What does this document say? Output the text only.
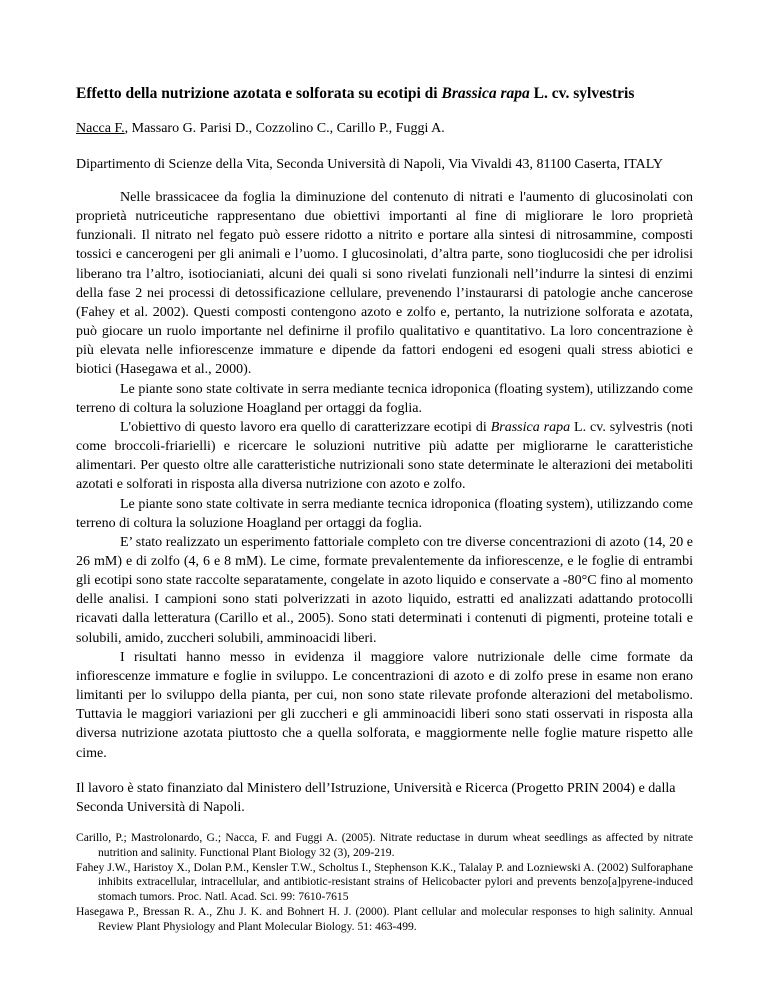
Effetto della nutrizione azotata e solforata su ecotipi di Brassica rapa L. cv. sylvestris
Nacca F., Massaro G. Parisi D., Cozzolino C., Carillo P., Fuggi A.
Dipartimento di Scienze della Vita, Seconda Università di Napoli, Via Vivaldi 43, 81100 Caserta, ITALY

Nelle brassicacee da foglia la diminuzione del contenuto di nitrati e l'aumento di glucosinolati con proprietà nutriceutiche rappresentano due obiettivi importanti al fine di migliorare le loro proprietà funzionali. Il nitrato nel fegato può essere ridotto a nitrito e portare alla sintesi di nitrosammine, composti tossici e cancerogeni per gli animali e l’uomo. I glucosinolati, d’altra parte, sono tioglucosidi che per idrolisi liberano tra l’altro, isotiocianiati, alcuni dei quali si sono rivelati funzionali nell’indurre la sintesi di enzimi della fase 2 nei processi di detossificazione cellulare, prevenendo l’instaurarsi di patologie anche cancerose (Fahey et al. 2002). Questi composti contengono azoto e zolfo e, pertanto, la nutrizione solforata e azotata, può giocare un ruolo importante nel definirne il profilo qualitativo e quantitativo. La loro concentrazione è più elevata nelle infiorescenze immature e dipende da fattori endogeni ed esogeni quali stress abiotici e biotici (Hasegawa et al., 2000).

Le piante sono state coltivate in serra mediante tecnica idroponica (floating system), utilizzando come terreno di coltura la soluzione Hoagland per ortaggi da foglia.

L'obiettivo di questo lavoro era quello di caratterizzare ecotipi di Brassica rapa L. cv. sylvestris (noti come broccoli-friarielli) e ricercare le soluzioni nutritive più adatte per migliorarne le caratteristiche alimentari. Per questo oltre alle caratteristiche nutrizionali sono state determinate le alterazioni dei metaboliti azotati e solforati in risposta alla diversa nutrizione con azoto e zolfo.

Le piante sono state coltivate in serra mediante tecnica idroponica (floating system), utilizzando come terreno di coltura la soluzione Hoagland per ortaggi da foglia.

E’ stato realizzato un esperimento fattoriale completo con tre diverse concentrazioni di azoto (14, 20 e 26 mM) e di zolfo (4, 6 e 8 mM). Le cime, formate prevalentemente da infiorescenze, e le foglie di entrambi gli ecotipi sono state raccolte separatamente, congelate in azoto liquido e conservate a -80°C fino al momento delle analisi. I campioni sono stati polverizzati in azoto liquido, estratti ed analizzati adattando protocolli ricavati dalla letteratura (Carillo et al., 2005). Sono stati determinati i contenuti di pigmenti, proteine totali e solubili, amido, zuccheri solubili, amminoacidi liberi.

I risultati hanno messo in evidenza il maggiore valore nutrizionale delle cime formate da infiorescenze immature e foglie in sviluppo. Le concentrazioni di azoto e di zolfo prese in esame non erano limitanti per lo sviluppo della pianta, per cui, non sono state rilevate profonde alterazioni del metabolismo. Tuttavia le maggiori variazioni per gli zuccheri e gli amminoacidi liberi sono stati osservati in risposta alla diversa nutrizione azotata piuttosto che a quella solforata, e maggiormente nelle foglie mature rispetto alle cime.

Il lavoro è stato finanziato dal Ministero dell’Istruzione, Università e Ricerca (Progetto PRIN 2004) e dalla Seconda Università di Napoli.

Carillo, P.; Mastrolonardo, G.; Nacca, F. and Fuggi A. (2005). Nitrate reductase in durum wheat seedlings as affected by nitrate nutrition and salinity. Functional Plant Biology 32 (3), 209-219.

Fahey J.W., Haristoy X., Dolan P.M., Kensler T.W., Scholtus I., Stephenson K.K., Talalay P. and Lozniewski A. (2002) Sulforaphane inhibits extracellular, intracellular, and antibiotic-resistant strains of Helicobacter pylori and prevents benzo[a]pyrene-induced stomach tumors. Proc. Natl. Acad. Sci. 99: 7610-7615

Hasegawa P., Bressan R. A., Zhu J. K. and Bohnert H. J. (2000). Plant cellular and molecular responses to high salinity. Annual Review Plant Physiology and Plant Molecular Biology. 51: 463-499.
